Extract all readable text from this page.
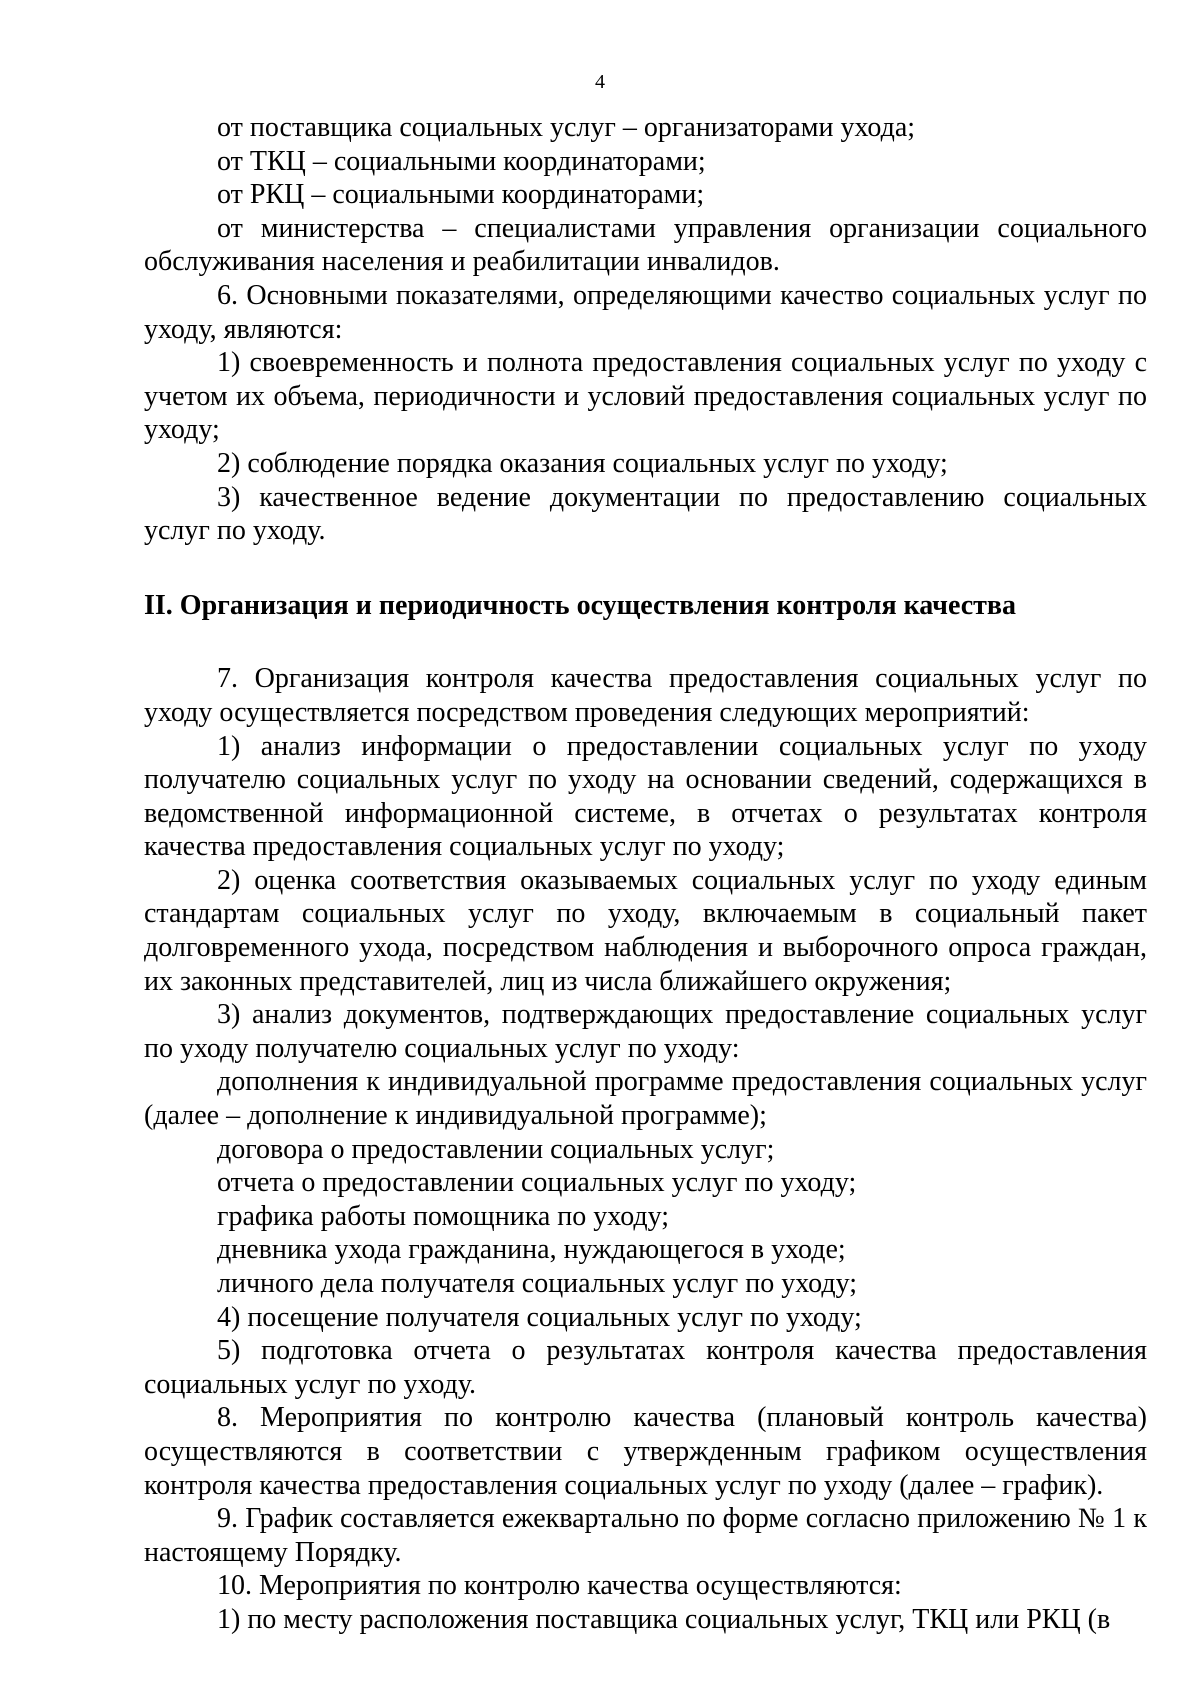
4

от поставщика социальных услуг – организаторами ухода;

от ТКЦ – социальными координаторами;

от РКЦ – социальными координаторами;

от министерства – специалистами управления организации социального обслуживания населения и реабилитации инвалидов.

6. Основными показателями, определяющими качество социальных услуг по уходу, являются:

1) своевременность и полнота предоставления социальных услуг по уходу с учетом их объема, периодичности и условий предоставления социальных услуг по уходу;

2) соблюдение порядка оказания социальных услуг по уходу;

3) качественное ведение документации по предоставлению социальных услуг по уходу.

II. Организация и периодичность осуществления контроля качества

7. Организация контроля качества предоставления социальных услуг по уходу осуществляется посредством проведения следующих мероприятий:

1) анализ информации о предоставлении социальных услуг по уходу получателю социальных услуг по уходу на основании сведений, содержащихся в ведомственной информационной системе, в отчетах о результатах контроля качества предоставления социальных услуг по уходу;

2) оценка соответствия оказываемых социальных услуг по уходу единым стандартам социальных услуг по уходу, включаемым в социальный пакет долговременного ухода, посредством наблюдения и выборочного опроса граждан, их законных представителей, лиц из числа ближайшего окружения;

3) анализ документов, подтверждающих предоставление социальных услуг по уходу получателю социальных услуг по уходу:

дополнения к индивидуальной программе предоставления социальных услуг (далее – дополнение к индивидуальной программе);

договора о предоставлении социальных услуг;

отчета о предоставлении социальных услуг по уходу;

графика работы помощника по уходу;

дневника ухода гражданина, нуждающегося в уходе;

личного дела получателя социальных услуг по уходу;

4) посещение получателя социальных услуг по уходу;

5) подготовка отчета о результатах контроля качества предоставления социальных услуг по уходу.

8. Мероприятия по контролю качества (плановый контроль качества) осуществляются в соответствии с утвержденным графиком осуществления контроля качества предоставления социальных услуг по уходу (далее – график).

9. График составляется ежеквартально по форме согласно приложению № 1 к настоящему Порядку.

10. Мероприятия по контролю качества осуществляются:

1) по месту расположения поставщика социальных услуг, ТКЦ или РКЦ (в
